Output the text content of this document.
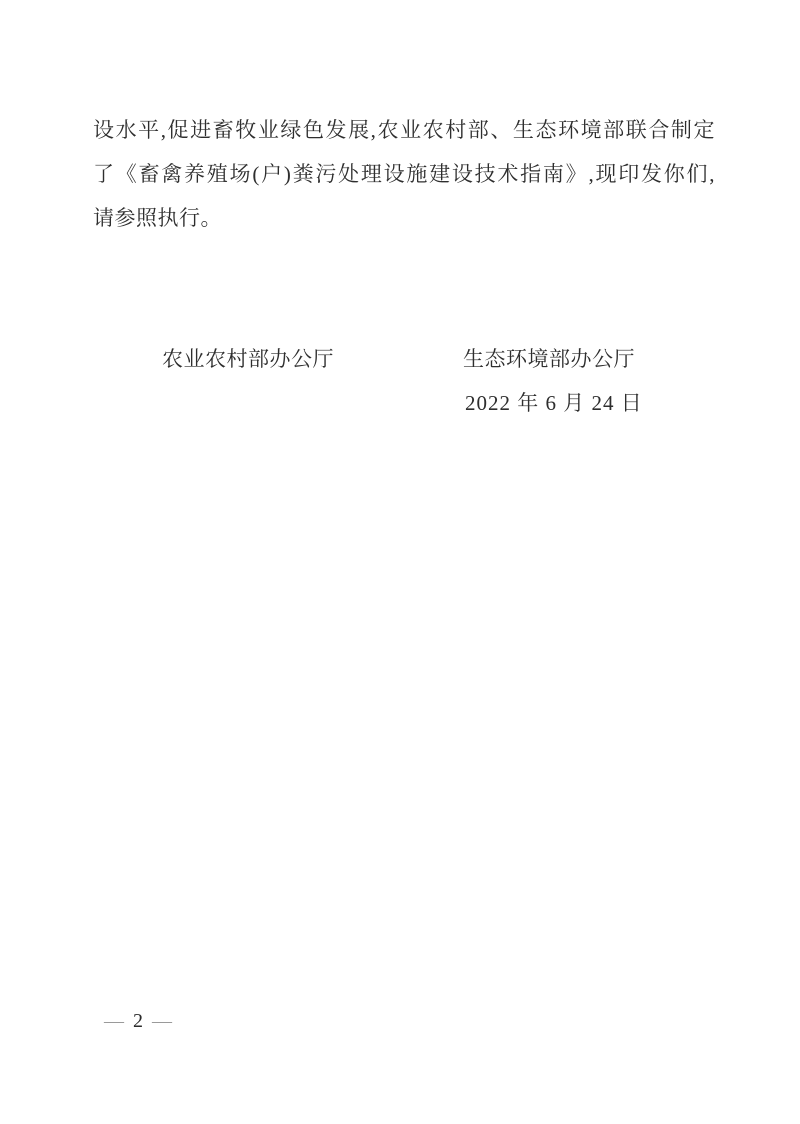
设水平,促进畜牧业绿色发展,农业农村部、生态环境部联合制定
了《畜禽养殖场(户)粪污处理设施建设技术指南》,现印发你们,
请参照执行。
农业农村部办公厅	生态环境部办公厅
2022 年 6 月 24 日
— 2 —
